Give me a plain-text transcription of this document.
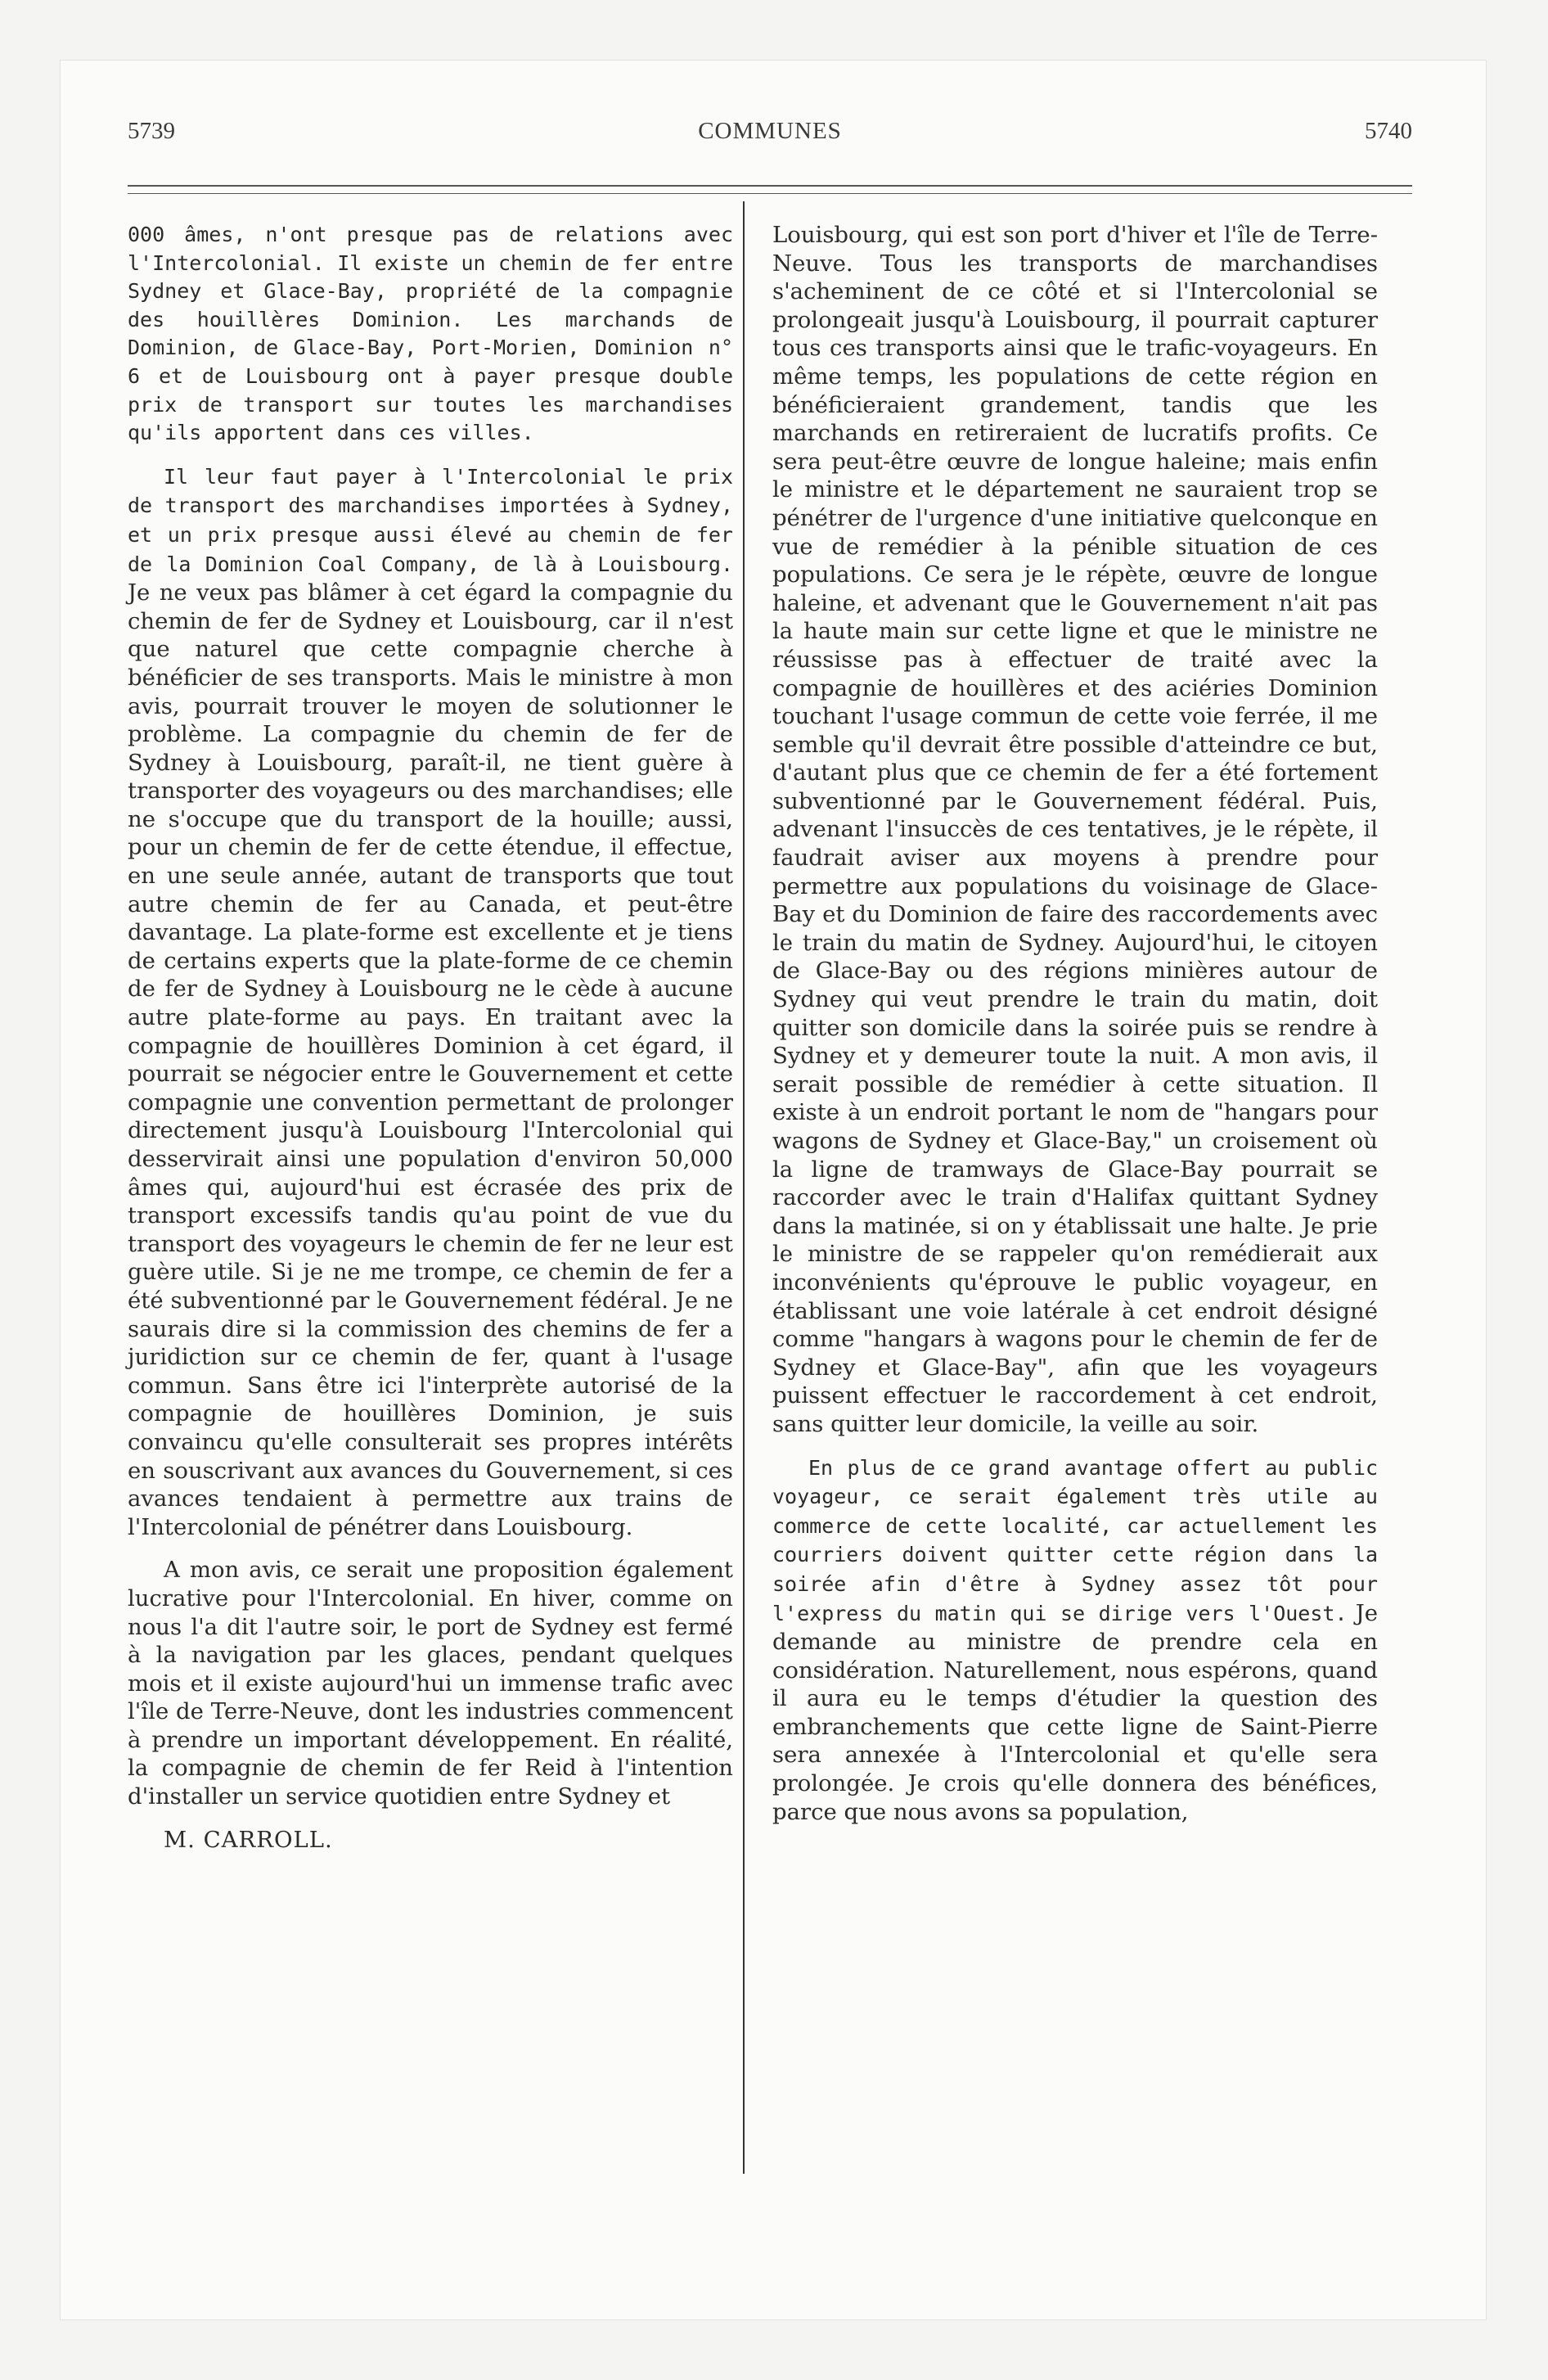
5739	COMMUNES	5740

000 âmes, n'ont presque pas de relations avec l'Intercolonial. Il existe un chemin de fer entre Sydney et Glace-Bay, propriété de la compagnie des houillères Dominion. Les marchands de Dominion, de Glace-Bay, Port-Morien, Dominion n° 6 et de Louisbourg ont à payer presque double prix de transport sur toutes les marchandises qu'ils apportent dans ces villes.

Il leur faut payer à l'Intercolonial le prix de transport des marchandises importées à Sydney, et un prix presque aussi élevé au chemin de fer de la Dominion Coal Company, de là à Louisbourg. Je ne veux pas blâmer à cet égard la compagnie du chemin de fer de Sydney et Louisbourg, car il n'est que naturel que cette compagnie cherche à bénéficier de ses transports. Mais le ministre à mon avis, pourrait trouver le moyen de solutionner le problème. La compagnie du chemin de fer de Sydney à Louisbourg, paraît-il, ne tient guère à transporter des voyageurs ou des marchandises; elle ne s'occupe que du transport de la houille; aussi, pour un chemin de fer de cette étendue, il effectue, en une seule année, autant de transports que tout autre chemin de fer au Canada, et peut-être davantage. La plate-forme est excellente et je tiens de certains experts que la plate-forme de ce chemin de fer de Sydney à Louisbourg ne le cède à aucune autre plate-forme au pays. En traitant avec la compagnie de houillères Dominion à cet égard, il pourrait se négocier entre le Gouvernement et cette compagnie une convention permettant de prolonger directement jusqu'à Louisbourg l'Intercolonial qui desservirait ainsi une population d'environ 50,000 âmes qui, aujourd'hui est écrasée des prix de transport excessifs tandis qu'au point de vue du transport des voyageurs le chemin de fer ne leur est guère utile. Si je ne me trompe, ce chemin de fer a été subventionné par le Gouvernement fédéral. Je ne saurais dire si la commission des chemins de fer a juridiction sur ce chemin de fer, quant à l'usage commun. Sans être ici l'interprète autorisé de la compagnie de houillères Dominion, je suis convaincu qu'elle consulterait ses propres intérêts en souscrivant aux avances du Gouvernement, si ces avances tendaient à permettre aux trains de l'Intercolonial de pénétrer dans Louisbourg.

A mon avis, ce serait une proposition également lucrative pour l'Intercolonial. En hiver, comme on nous l'a dit l'autre soir, le port de Sydney est fermé à la navigation par les glaces, pendant quelques mois et il existe aujourd'hui un immense trafic avec l'île de Terre-Neuve, dont les industries commencent à prendre un important développement. En réalité, la compagnie de chemin de fer Reid à l'intention d'installer un service quotidien entre Sydney et

M. CARROLL.

Louisbourg, qui est son port d'hiver et l'île de Terre-Neuve. Tous les transports de marchandises s'acheminent de ce côté et si l'Intercolonial se prolongeait jusqu'à Louisbourg, il pourrait capturer tous ces transports ainsi que le trafic-voyageurs. En même temps, les populations de cette région en bénéficieraient grandement, tandis que les marchands en retireraient de lucratifs profits. Ce sera peut-être œuvre de longue haleine; mais enfin le ministre et le département ne sauraient trop se pénétrer de l'urgence d'une initiative quelconque en vue de remédier à la pénible situation de ces populations. Ce sera je le répète, œuvre de longue haleine, et advenant que le Gouvernement n'ait pas la haute main sur cette ligne et que le ministre ne réussisse pas à effectuer de traité avec la compagnie de houillères et des aciéries Dominion touchant l'usage commun de cette voie ferrée, il me semble qu'il devrait être possible d'atteindre ce but, d'autant plus que ce chemin de fer a été fortement subventionné par le Gouvernement fédéral. Puis, advenant l'insuccès de ces tentatives, je le répète, il faudrait aviser aux moyens à prendre pour permettre aux populations du voisinage de Glace-Bay et du Dominion de faire des raccordements avec le train du matin de Sydney. Aujourd'hui, le citoyen de Glace-Bay ou des régions minières autour de Sydney qui veut prendre le train du matin, doit quitter son domicile dans la soirée puis se rendre à Sydney et y demeurer toute la nuit. A mon avis, il serait possible de remédier à cette situation. Il existe à un endroit portant le nom de "hangars pour wagons de Sydney et Glace-Bay," un croisement où la ligne de tramways de Glace-Bay pourrait se raccorder avec le train d'Halifax quittant Sydney dans la matinée, si on y établissait une halte. Je prie le ministre de se rappeler qu'on remédierait aux inconvénients qu'éprouve le public voyageur, en établissant une voie latérale à cet endroit désigné comme "hangars à wagons pour le chemin de fer de Sydney et Glace-Bay", afin que les voyageurs puissent effectuer le raccordement à cet endroit, sans quitter leur domicile, la veille au soir.

En plus de ce grand avantage offert au public voyageur, ce serait également très utile au commerce de cette localité, car actuellement les courriers doivent quitter cette région dans la soirée afin d'être à Sydney assez tôt pour l'express du matin qui se dirige vers l'Ouest. Je demande au ministre de prendre cela en considération. Naturellement, nous espérons, quand il aura eu le temps d'étudier la question des embranchements que cette ligne de Saint-Pierre sera annexée à l'Intercolonial et qu'elle sera prolongée. Je crois qu'elle donnera des bénéfices, parce que nous avons sa population,
